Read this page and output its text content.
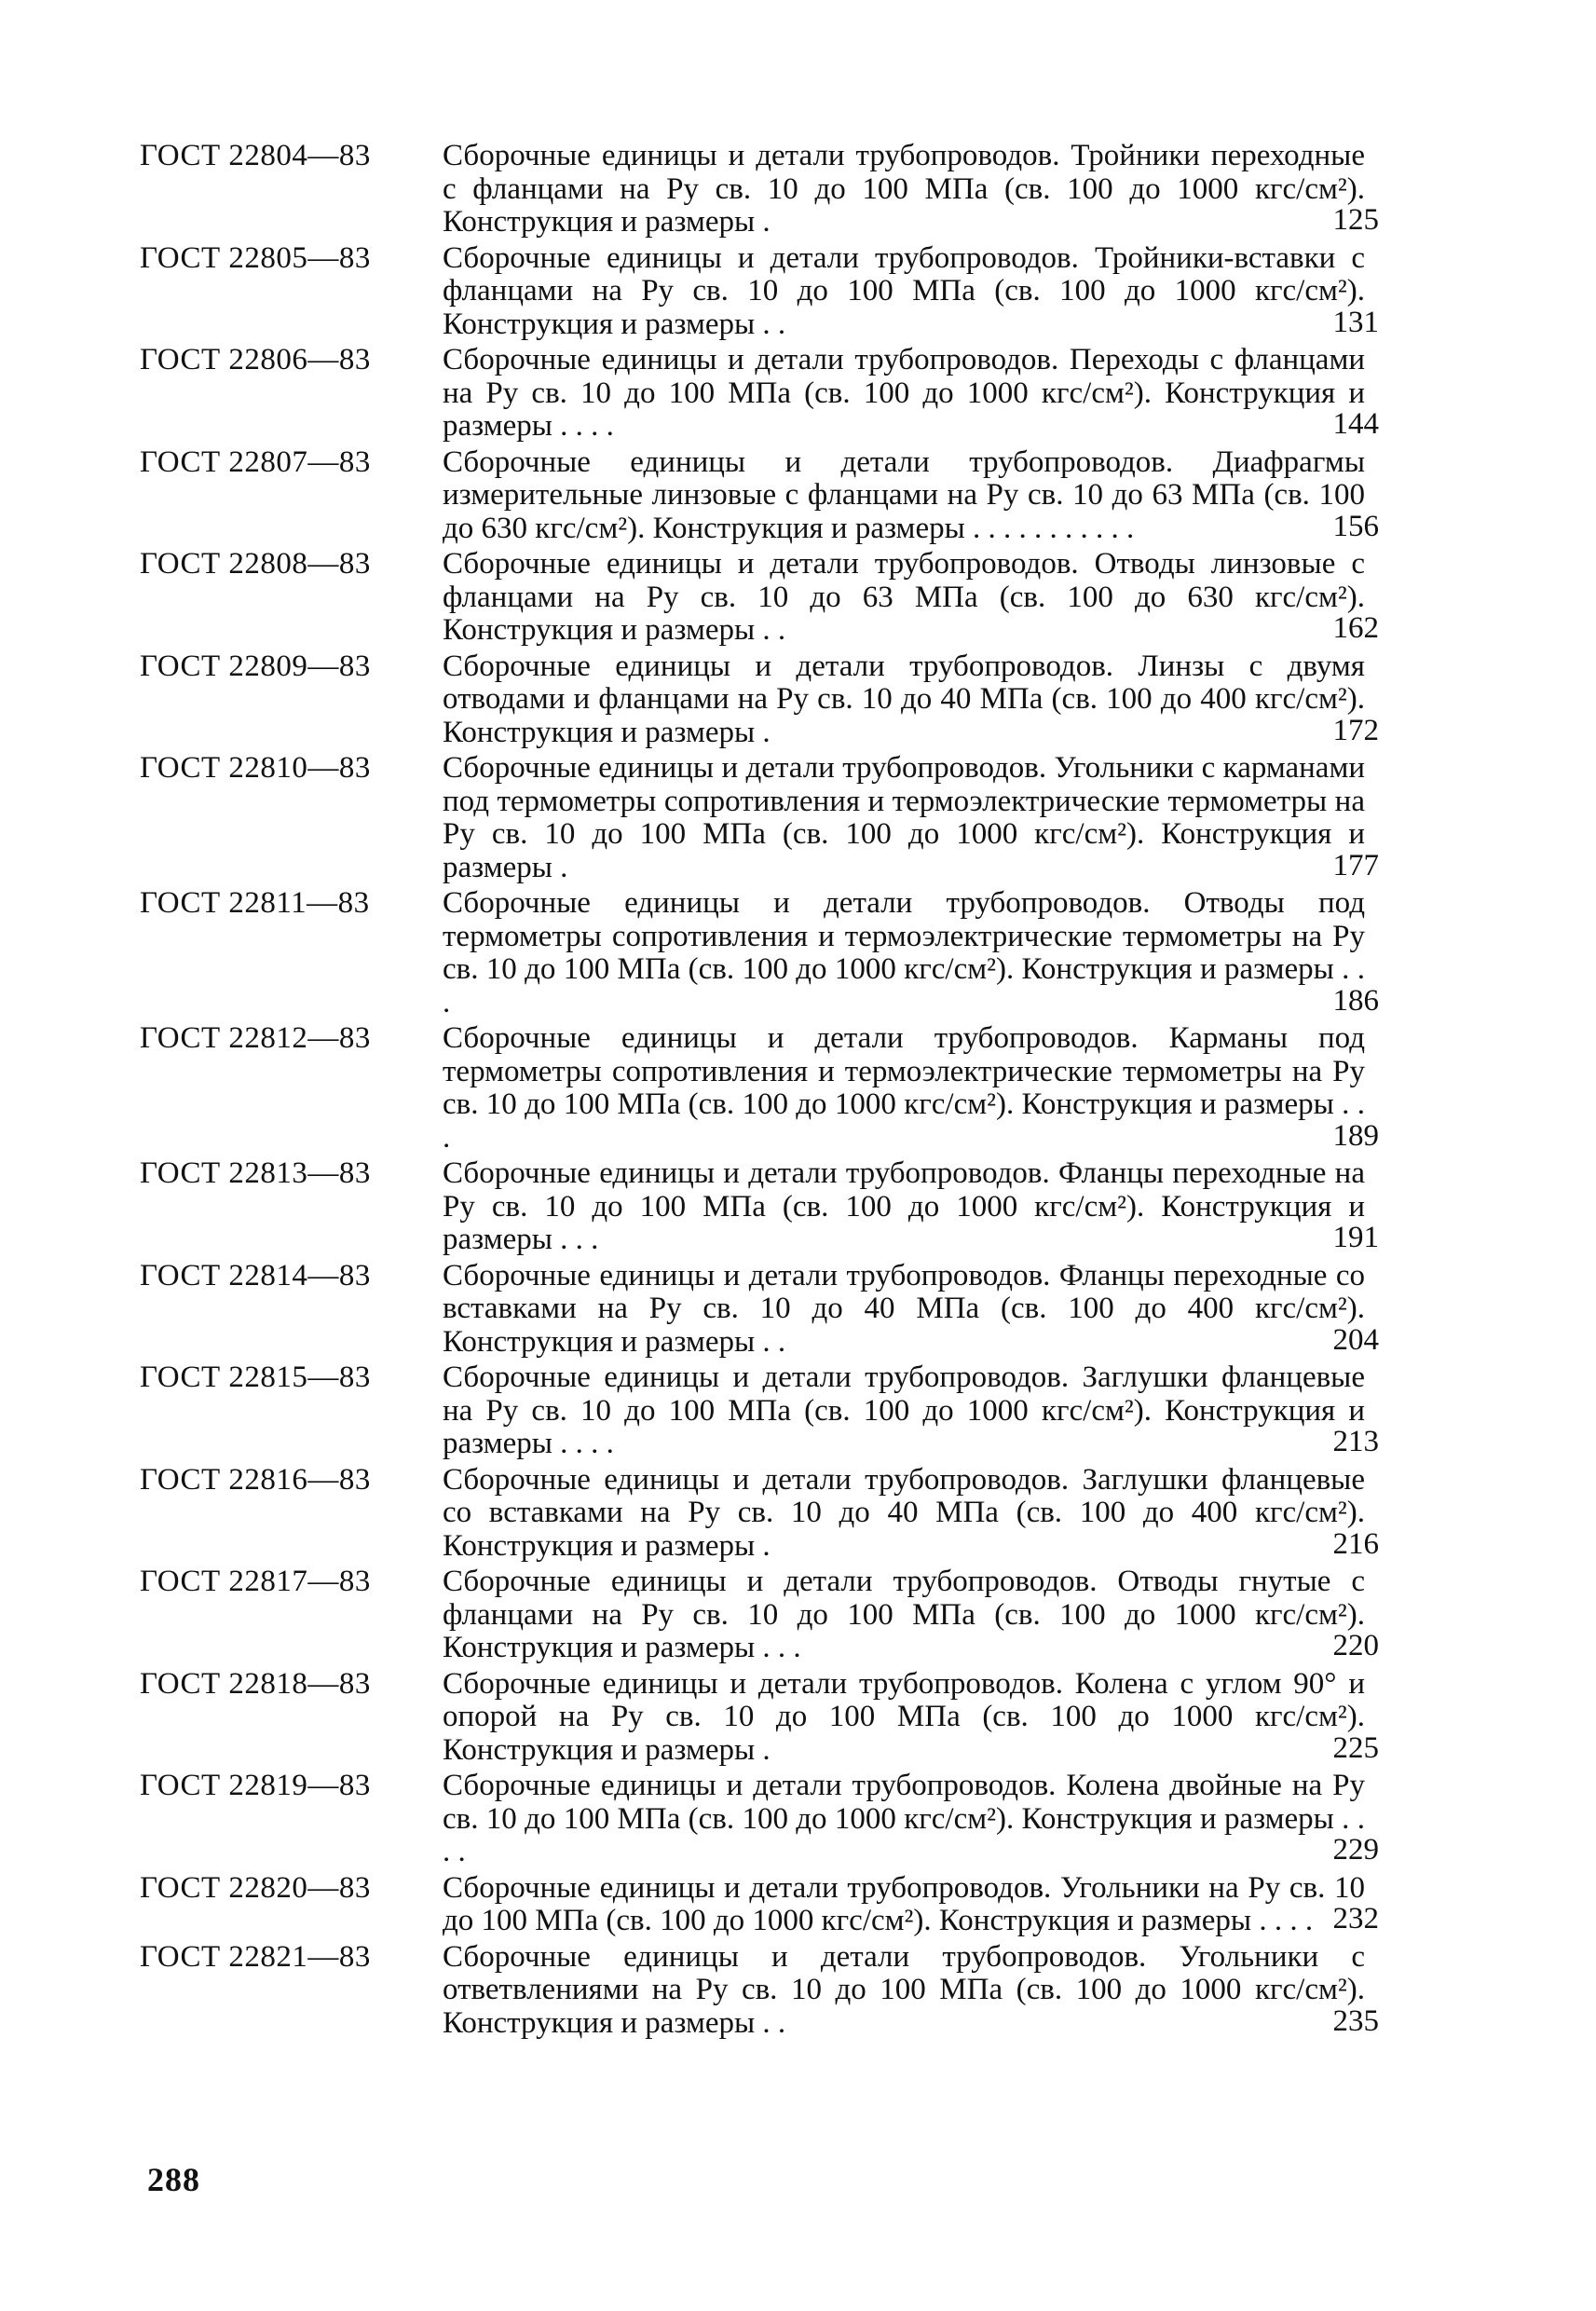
ГОСТ 22804—83	Сборочные единицы и детали трубопроводов. Тройники переходные с фланцами на Рy св. 10 до 100 МПа (св. 100 до 1000 кгс/см²). Конструкция и размеры .	125
ГОСТ 22805—83	Сборочные единицы и детали трубопроводов. Тройники-вставки с фланцами на Рy св. 10 до 100 МПа (св. 100 до 1000 кгс/см²). Конструкция и размеры . .	131
ГОСТ 22806—83	Сборочные единицы и детали трубопроводов. Переходы с фланцами на Рy св. 10 до 100 МПа (св. 100 до 1000 кгс/см²). Конструкция и размеры . . . .	144
ГОСТ 22807—83	Сборочные единицы и детали трубопроводов. Диафрагмы измерительные линзовые с фланцами на Рy св. 10 до 63 МПа (св. 100 до 630 кгс/см²). Конструкция и размеры . . . . . . . . . . .	156
ГОСТ 22808—83	Сборочные единицы и детали трубопроводов. Отводы линзовые с фланцами на Рy св. 10 до 63 МПа (св. 100 до 630 кгс/см²). Конструкция и размеры . .	162
ГОСТ 22809—83	Сборочные единицы и детали трубопроводов. Линзы с двумя отводами и фланцами на Рy св. 10 до 40 МПа (св. 100 до 400 кгс/см²). Конструкция и размеры .	172
ГОСТ 22810—83	Сборочные единицы и детали трубопроводов. Угольники с карманами под термометры сопротивления и термоэлектрические термометры на Рy св. 10 до 100 МПа (св. 100 до 1000 кгс/см²). Конструкция и размеры .	177
ГОСТ 22811—83	Сборочные единицы и детали трубопроводов. Отводы под термометры сопротивления и термоэлектрические термометры на Рy св. 10 до 100 МПа (св. 100 до 1000 кгс/см²). Конструкция и размеры . . .	186
ГОСТ 22812—83	Сборочные единицы и детали трубопроводов. Карманы под термометры сопротивления и термоэлектрические термометры на Рy св. 10 до 100 МПа (св. 100 до 1000 кгс/см²). Конструкция и размеры . . .	189
ГОСТ 22813—83	Сборочные единицы и детали трубопроводов. Фланцы переходные на Рy св. 10 до 100 МПа (св. 100 до 1000 кгс/см²). Конструкция и размеры . . .	191
ГОСТ 22814—83	Сборочные единицы и детали трубопроводов. Фланцы переходные со вставками на Рy св. 10 до 40 МПа (св. 100 до 400 кгс/см²). Конструкция и размеры . .	204
ГОСТ 22815—83	Сборочные единицы и детали трубопроводов. Заглушки фланцевые на Рy св. 10 до 100 МПа (св. 100 до 1000 кгс/см²). Конструкция и размеры . . . .	213
ГОСТ 22816—83	Сборочные единицы и детали трубопроводов. Заглушки фланцевые со вставками на Рy св. 10 до 40 МПа (св. 100 до 400 кгс/см²). Конструкция и размеры .	216
ГОСТ 22817—83	Сборочные единицы и детали трубопроводов. Отводы гнутые с фланцами на Рy св. 10 до 100 МПа (св. 100 до 1000 кгс/см²). Конструкция и размеры . . .	220
ГОСТ 22818—83	Сборочные единицы и детали трубопроводов. Колена с углом 90° и опорой на Рy св. 10 до 100 МПа (св. 100 до 1000 кгс/см²). Конструкция и размеры .	225
ГОСТ 22819—83	Сборочные единицы и детали трубопроводов. Колена двойные на Рy св. 10 до 100 МПа (св. 100 до 1000 кгс/см²). Конструкция и размеры . . . .	229
ГОСТ 22820—83	Сборочные единицы и детали трубопроводов. Угольники на Рy св. 10 до 100 МПа (св. 100 до 1000 кгс/см²). Конструкция и размеры . . . . 232
ГОСТ 22821—83	Сборочные единицы и детали трубопроводов. Угольники с ответвлениями на Рy св. 10 до 100 МПа (св. 100 до 1000 кгс/см²). Конструкция и размеры . .	235
288
